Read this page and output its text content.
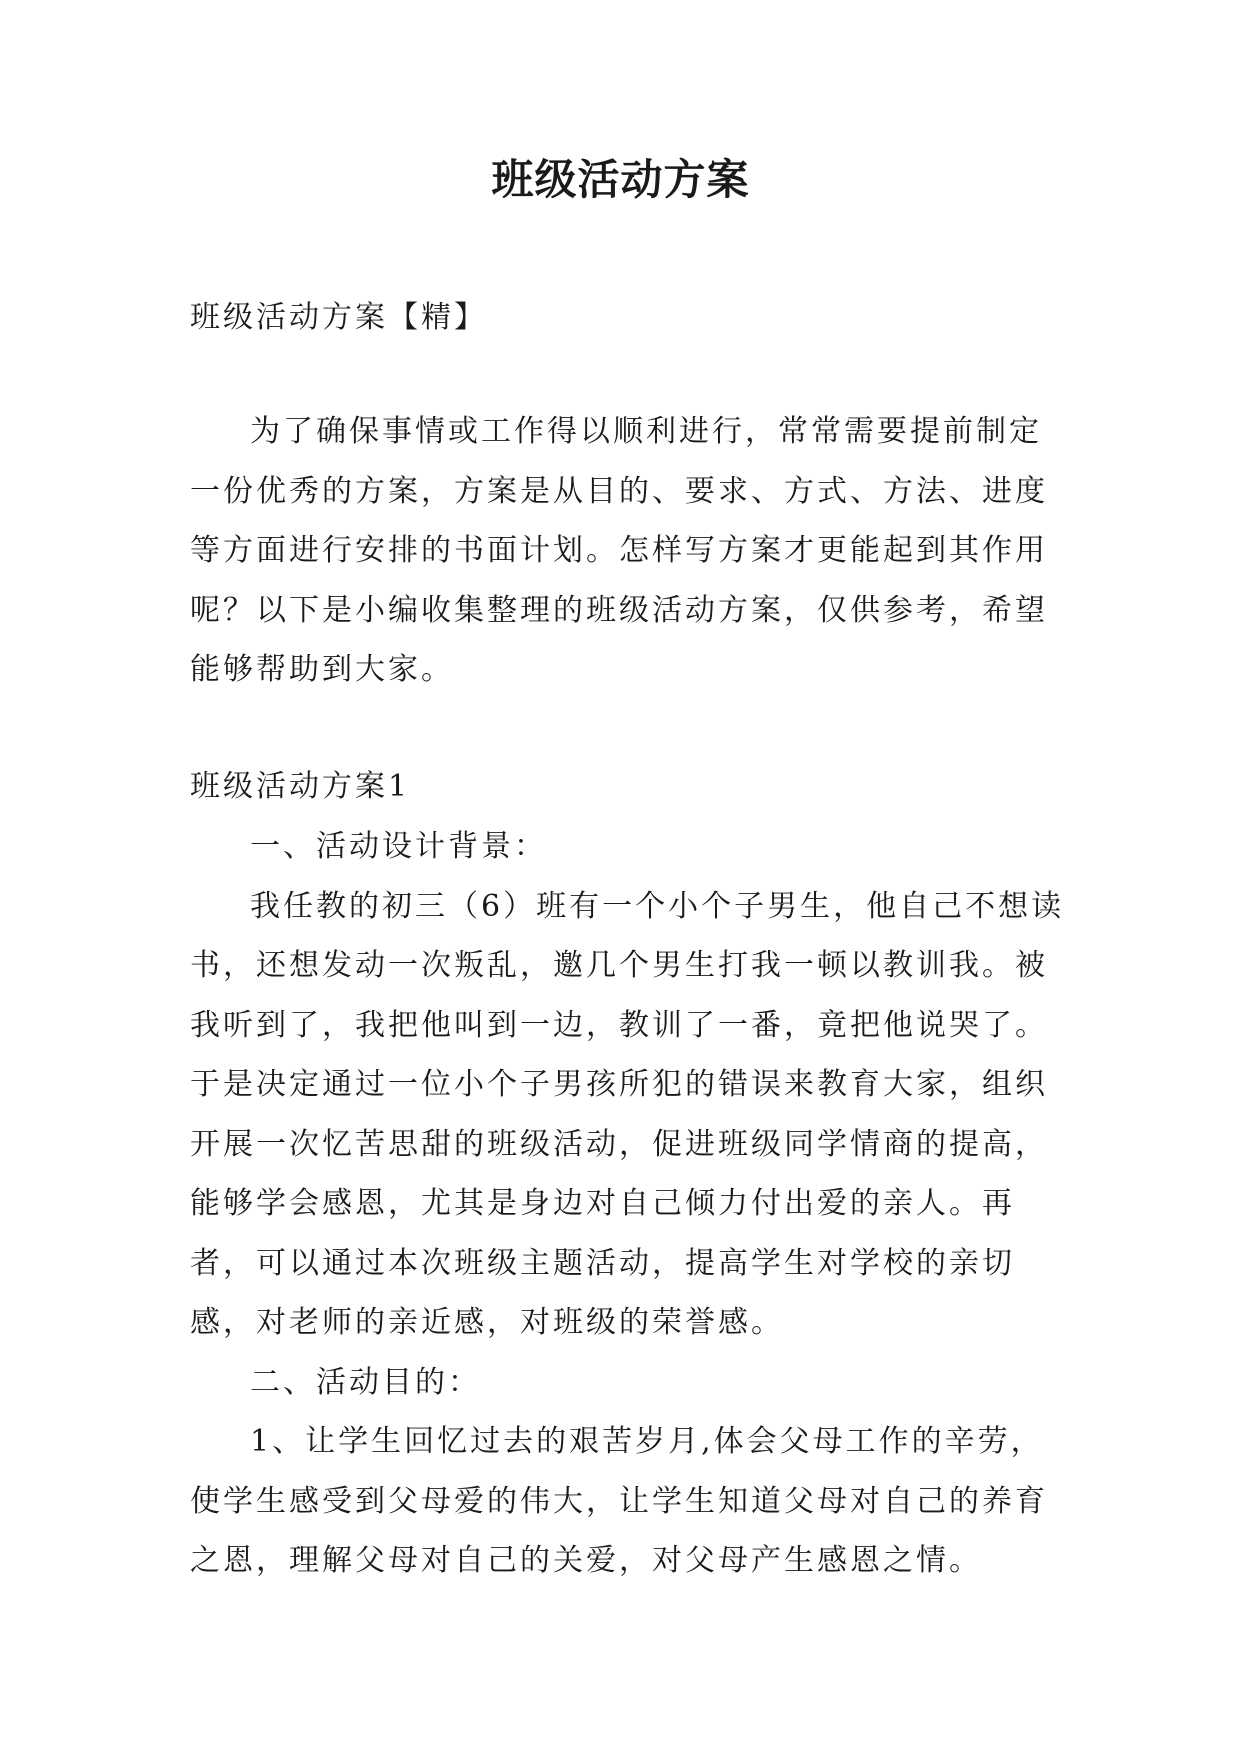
班级活动方案
班级活动方案【精】

为了确保事情或工作得以顺利进行，常常需要提前制定一份优秀的方案，方案是从目的、要求、方式、方法、进度等方面进行安排的书面计划。怎样写方案才更能起到其作用呢？以下是小编收集整理的班级活动方案，仅供参考，希望能够帮助到大家。

班级活动方案1

一、活动设计背景：

我任教的初三（6）班有一个小个子男生，他自己不想读书，还想发动一次叛乱，邀几个男生打我一顿以教训我。被我听到了，我把他叫到一边，教训了一番，竟把他说哭了。于是决定通过一位小个子男孩所犯的错误来教育大家，组织开展一次忆苦思甜的班级活动，促进班级同学情商的提高，能够学会感恩，尤其是身边对自己倾力付出爱的亲人。再者，可以通过本次班级主题活动，提高学生对学校的亲切感，对老师的亲近感，对班级的荣誉感。

二、活动目的：

1、让学生回忆过去的艰苦岁月,体会父母工作的辛劳，使学生感受到父母爱的伟大，让学生知道父母对自己的养育之恩，理解父母对自己的关爱，对父母产生感恩之情。
